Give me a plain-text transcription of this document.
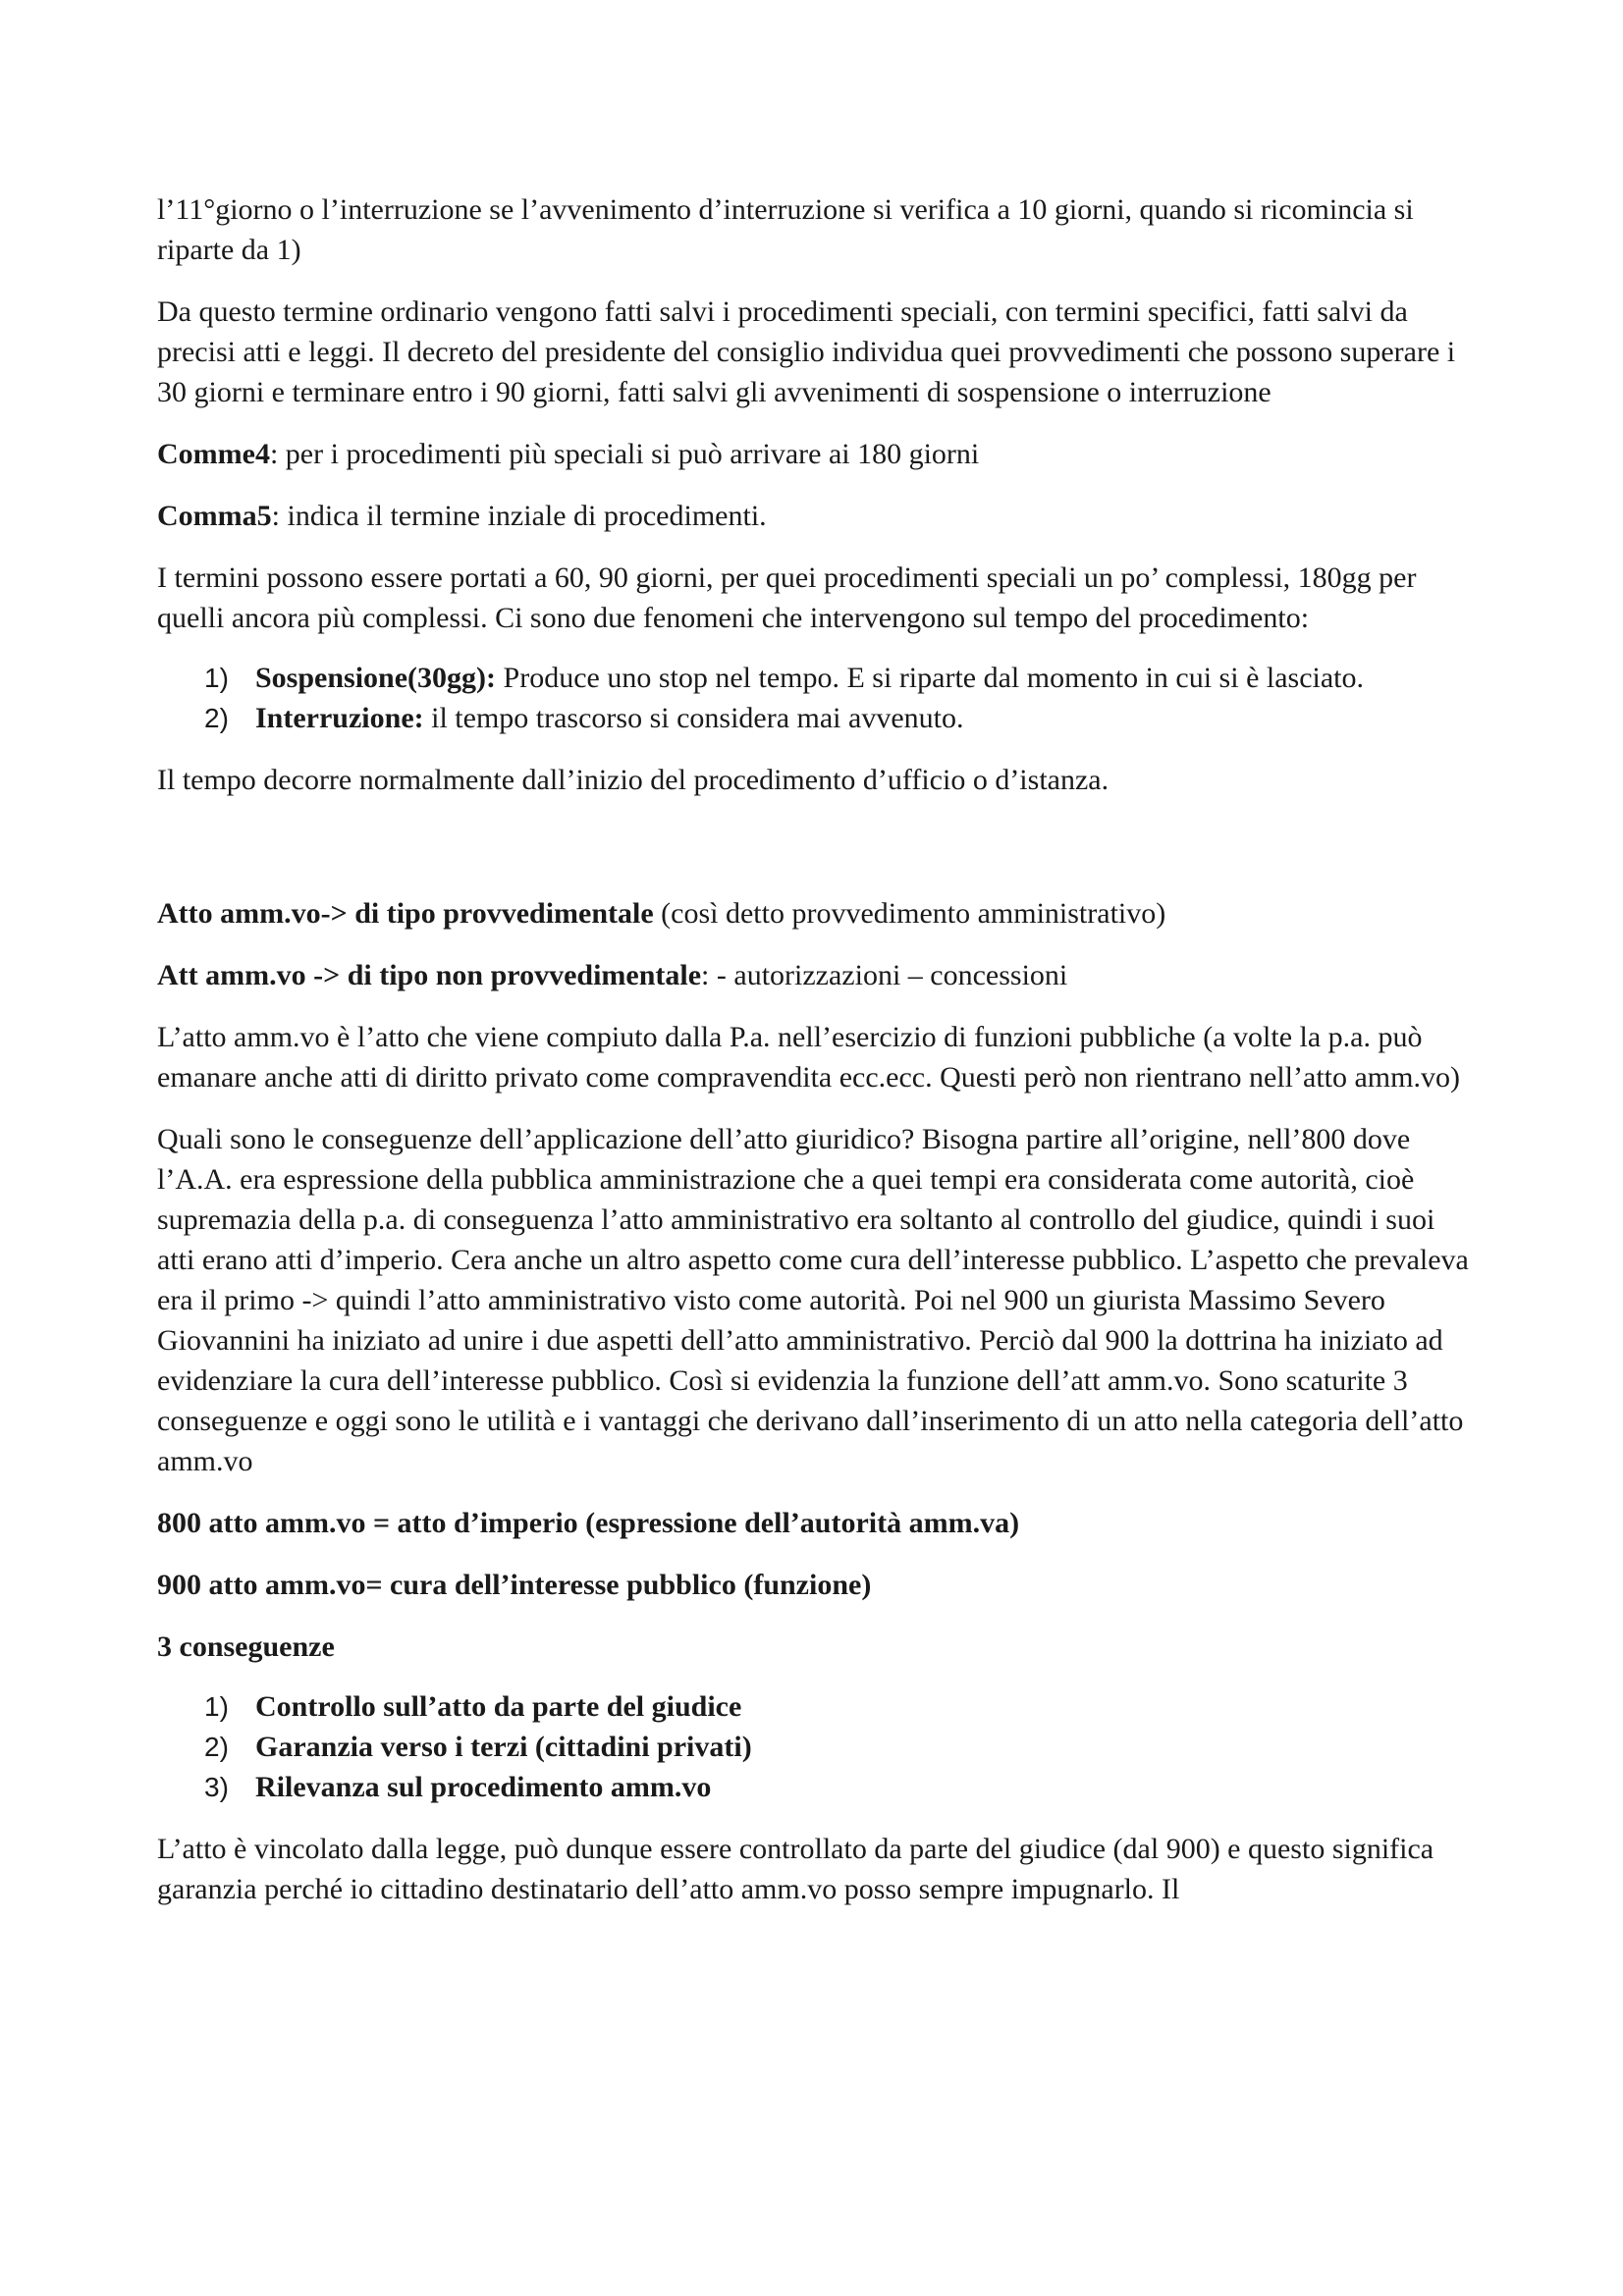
l’11°giorno o l’interruzione se l’avvenimento d’interruzione si verifica a 10 giorni, quando si ricomincia si riparte da 1)

Da questo termine ordinario vengono fatti salvi i procedimenti speciali, con termini specifici, fatti salvi da precisi atti e leggi. Il decreto del presidente del consiglio individua quei provvedimenti che possono superare i 30 giorni e terminare entro i 90 giorni, fatti salvi gli avvenimenti di sospensione o interruzione

Comme4: per i procedimenti più speciali si può arrivare ai 180 giorni

Comma5: indica il termine inziale di procedimenti.

I termini possono essere portati a 60, 90 giorni, per quei procedimenti speciali un po’ complessi, 180gg per quelli ancora più complessi. Ci sono due fenomeni che intervengono sul tempo del procedimento:

1) Sospensione(30gg): Produce uno stop nel tempo. E si riparte dal momento in cui si è lasciato.
2) Interruzione: il tempo trascorso si considera mai avvenuto.

Il tempo decorre normalmente dall’inizio del procedimento d’ufficio o d’istanza.

Atto amm.vo-> di tipo provvedimentale (così detto provvedimento amministrativo)

Att amm.vo -> di tipo non provvedimentale: - autorizzazioni – concessioni

L’atto amm.vo è l’atto che viene compiuto dalla P.a. nell’esercizio di funzioni pubbliche (a volte la p.a. può emanare anche atti di diritto privato come compravendita ecc.ecc. Questi però non rientrano nell’atto amm.vo)

Quali sono le conseguenze dell’applicazione dell’atto giuridico? Bisogna partire all’origine, nell’800 dove l’A.A. era espressione della pubblica amministrazione che a quei tempi era considerata come autorità, cioè supremazia della p.a. di conseguenza l’atto amministrativo era soltanto al controllo del giudice, quindi i suoi atti erano atti d’imperio. Cera anche un altro aspetto come cura dell’interesse pubblico. L’aspetto che prevaleva era il primo -> quindi l’atto amministrativo visto come autorità. Poi nel 900 un giurista Massimo Severo Giovannini ha iniziato ad unire i due aspetti dell’atto amministrativo. Perciò dal 900 la dottrina ha iniziato ad evidenziare la cura dell’interesse pubblico. Così si evidenzia la funzione dell’att amm.vo. Sono scaturite 3 conseguenze e oggi sono le utilità e i vantaggi che derivano dall’inserimento di un atto nella categoria dell’atto amm.vo

800 atto amm.vo = atto d’imperio (espressione dell’autorità amm.va)

900 atto amm.vo= cura dell’interesse pubblico (funzione)

3 conseguenze

1) Controllo sull’atto da parte del giudice
2) Garanzia verso i terzi (cittadini privati)
3) Rilevanza sul procedimento amm.vo

L’atto è vincolato dalla legge, può dunque essere controllato da parte del giudice (dal 900) e questo significa garanzia perché io cittadino destinatario dell’atto amm.vo posso sempre impugnarlo. Il
